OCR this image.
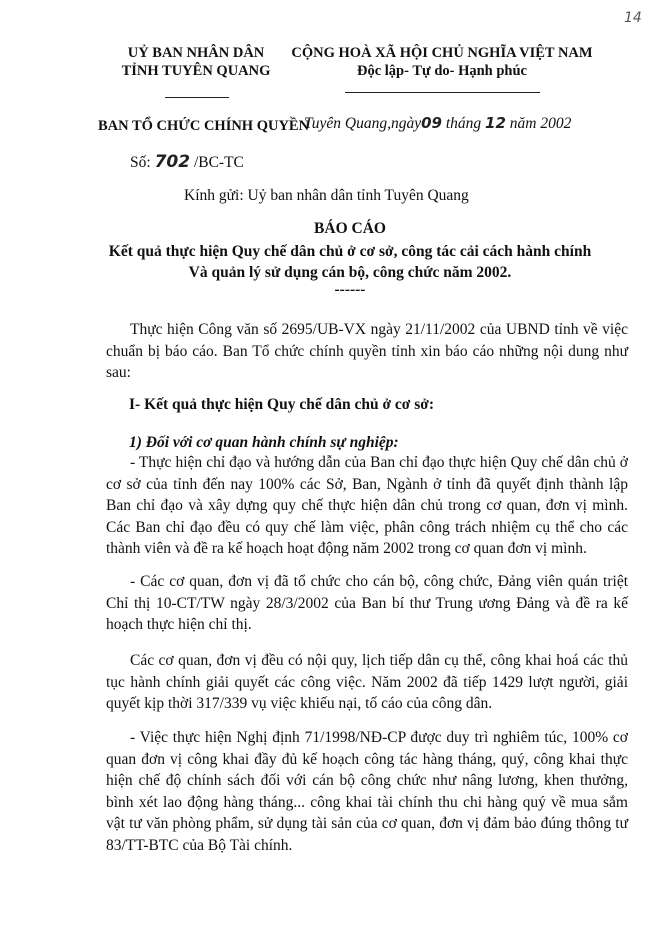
14
UỶ BAN NHÂN DÂN
TỈNH TUYÊN QUANG
CỘNG HOÀ XÃ HỘI CHỦ NGHĨA VIỆT NAM
Độc lập- Tự do- Hạnh phúc
BAN TỔ CHỨC CHÍNH QUYỀN
Tuyên Quang,ngày09 tháng 12 năm 2002
Số: 702 /BC-TC
Kính gửi: Uỷ ban nhân dân tỉnh Tuyên Quang
BÁO CÁO
Kết quả thực hiện Quy chế dân chủ ở cơ sở, công tác cải cách hành chính
Và quản lý sử dụng cán bộ, công chức năm 2002.
------

Thực hiện Công văn số 2695/UB-VX ngày 21/11/2002 của UBND tỉnh về việc chuẩn bị báo cáo. Ban Tổ chức chính quyền tỉnh xin báo cáo những nội dung như sau:

I- Kết quả thực hiện Quy chế dân chủ ở cơ sở:
1) Đối với cơ quan hành chính sự nghiệp:

- Thực hiện chỉ đạo và hướng dẫn của Ban chỉ đạo thực hiện Quy chế dân chủ ở cơ sở của tỉnh đến nay 100% các Sở, Ban, Ngành ở tỉnh đã quyết định thành lập Ban chỉ đạo và xây dựng quy chế thực hiện dân chủ trong cơ quan, đơn vị mình. Các Ban chỉ đạo đều có quy chế làm việc, phân công trách nhiệm cụ thể cho các thành viên và đề ra kế hoạch hoạt động năm 2002 trong cơ quan đơn vị mình.

- Các cơ quan, đơn vị đã tổ chức cho cán bộ, công chức, Đảng viên quán triệt Chỉ thị 10-CT/TW ngày 28/3/2002 của Ban bí thư Trung ương Đảng và đề ra kế hoạch thực hiện chỉ thị.

Các cơ quan, đơn vị đều có nội quy, lịch tiếp dân cụ thể, công khai hoá các thủ tục hành chính giải quyết các công việc. Năm 2002 đã tiếp 1429 lượt người, giải quyết kịp thời 317/339 vụ việc khiếu nại, tố cáo của công dân.

- Việc thực hiện Nghị định 71/1998/NĐ-CP được duy trì nghiêm túc, 100% cơ quan đơn vị công khai đầy đủ kế hoạch công tác hàng tháng, quý, công khai thực hiện chế độ chính sách đối với cán bộ công chức như nâng lương, khen thưởng, bình xét lao động hàng tháng... công khai tài chính thu chi hàng quý về mua sắm vật tư văn phòng phẩm, sử dụng tài sản của cơ quan, đơn vị đảm bảo đúng thông tư 83/TT-BTC của Bộ Tài chính.
